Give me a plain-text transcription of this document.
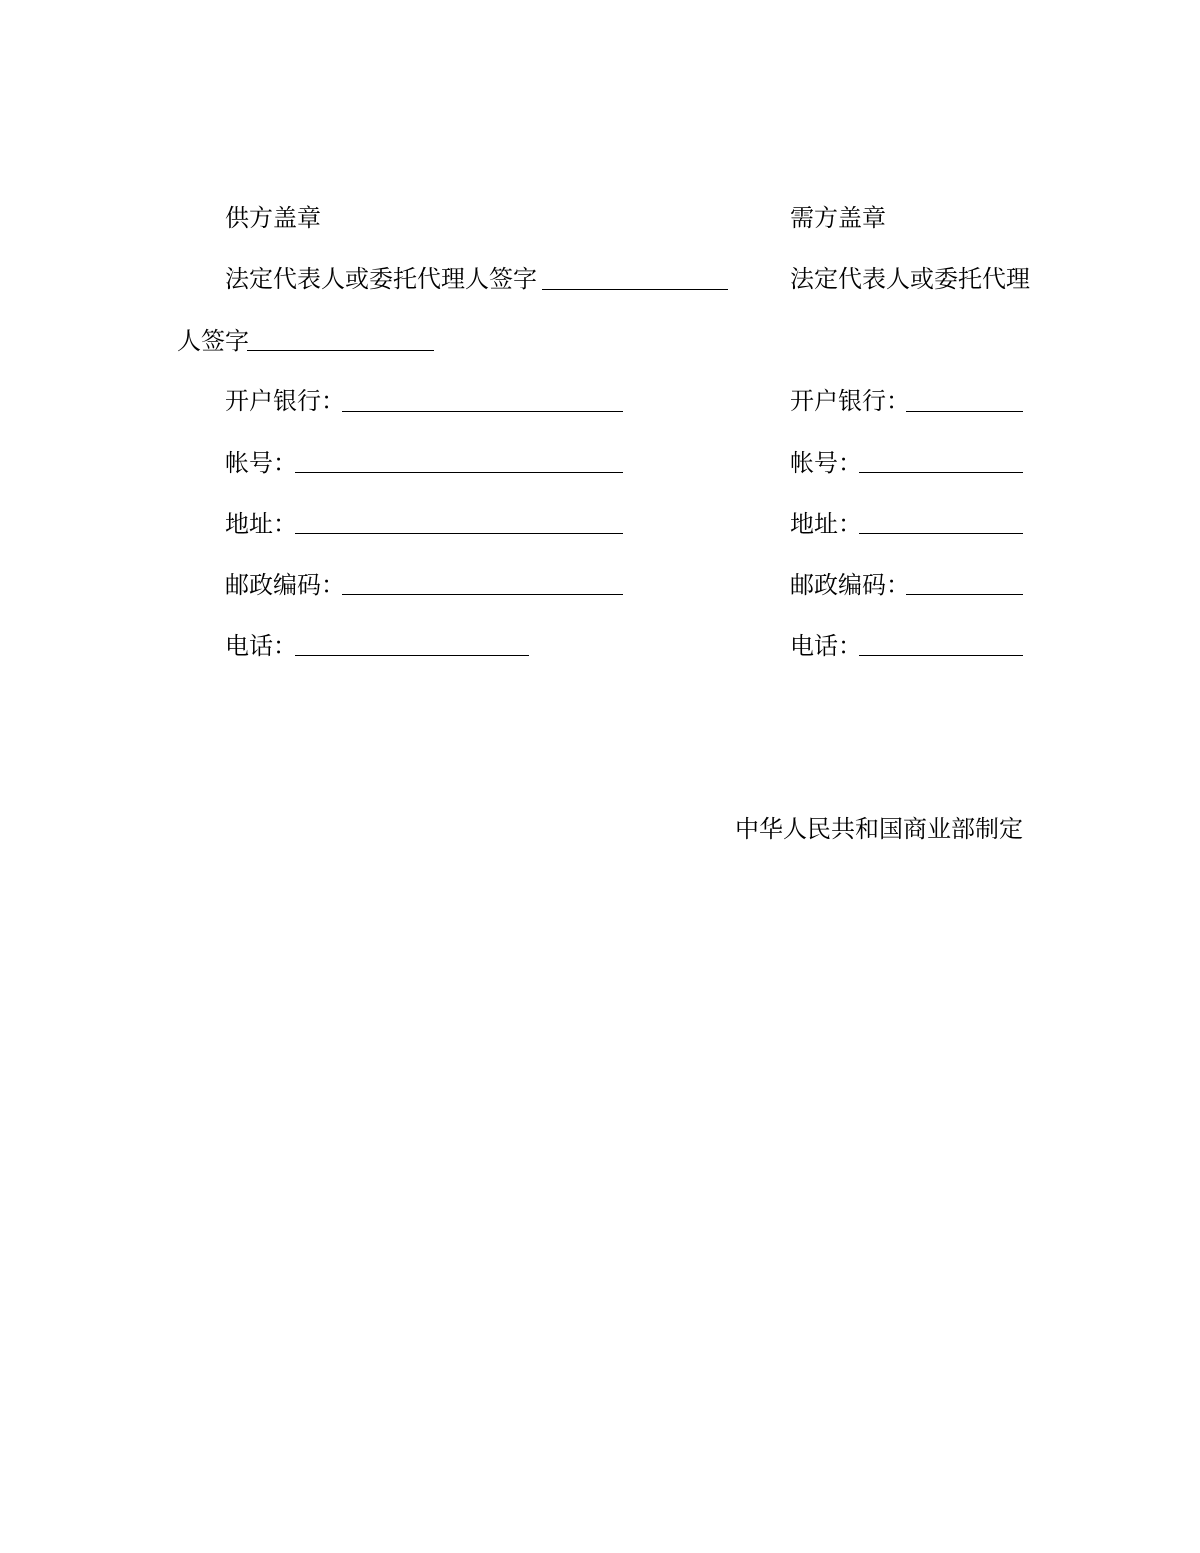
供方盖章

法定代表人或委托代理人签字

人签字

开户银行：

帐号：

地址：

邮政编码：

电话：

需方盖章

法定代表人或委托代理

开户银行：

帐号：

地址：

邮政编码：

电话：

中华人民共和国商业部制定
